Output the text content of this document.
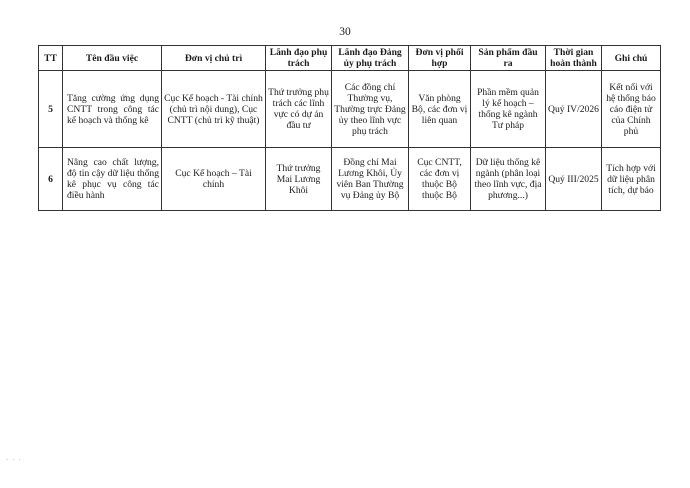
30
TT	Tên đầu việc	Đơn vị chủ trì	Lãnh đạo phụ trách	Lãnh đạo Đảng ủy phụ trách	Đơn vị phối hợp	Sản phẩm đầu ra	Thời gian hoàn thành	Ghi chú
5	Tăng cường ứng dụng CNTT trong công tác kế hoạch và thống kê	Cục Kế hoạch - Tài chính (chủ trì nội dung), Cục CNTT (chủ trì kỹ thuật)	Thứ trưởng phụ trách các lĩnh vực có dự án đầu tư	Các đồng chí Thường vụ, Thường trực Đảng ủy theo lĩnh vực phụ trách	Văn phòng Bộ, các đơn vị liên quan	Phần mềm quản lý kế hoạch – thống kê ngành Tư pháp	Quý IV/2026	Kết nối với hệ thống báo cáo điện tử của Chính phủ
6	Nâng cao chất lượng, độ tin cậy dữ liệu thống kê phục vụ công tác điều hành	Cục Kế hoạch – Tài chính	Thứ trưởng Mai Lương Khôi	Đồng chí Mai Lương Khôi, Ủy viên Ban Thường vụ Đảng ủy Bộ	Cục CNTT, các đơn vị thuộc Bộ thuộc Bộ	Dữ liệu thống kê ngành (phân loại theo lĩnh vực, địa phương...)	Quý III/2025	Tích hợp với dữ liệu phân tích, dự báo
˙ ˙ ˙
